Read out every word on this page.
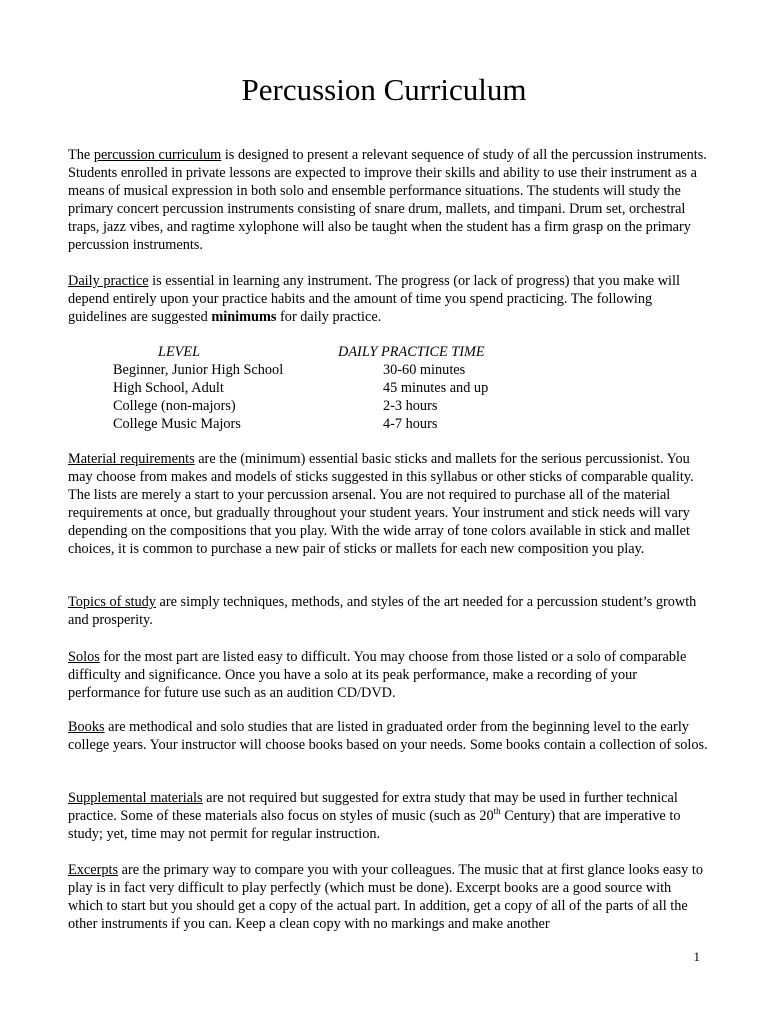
Percussion Curriculum

The percussion curriculum is designed to present a relevant sequence of study of all the percussion instruments. Students enrolled in private lessons are expected to improve their skills and ability to use their instrument as a means of musical expression in both solo and ensemble performance situations. The students will study the primary concert percussion instruments consisting of snare drum, mallets, and timpani. Drum set, orchestral traps, jazz vibes, and ragtime xylophone will also be taught when the student has a firm grasp on the primary percussion instruments.

Daily practice is essential in learning any instrument. The progress (or lack of progress) that you make will depend entirely upon your practice habits and the amount of time you spend practicing. The following guidelines are suggested minimums for daily practice.

LEVEL	DAILY PRACTICE TIME
Beginner, Junior High School	30-60 minutes
High School, Adult	45 minutes and up
College (non-majors)	2-3 hours
College Music Majors	4-7 hours

Material requirements are the (minimum) essential basic sticks and mallets for the serious percussionist. You may choose from makes and models of sticks suggested in this syllabus or other sticks of comparable quality. The lists are merely a start to your percussion arsenal. You are not required to purchase all of the material requirements at once, but gradually throughout your student years. Your instrument and stick needs will vary depending on the compositions that you play. With the wide array of tone colors available in stick and mallet choices, it is common to purchase a new pair of sticks or mallets for each new composition you play.

Topics of study are simply techniques, methods, and styles of the art needed for a percussion student’s growth and prosperity.

Solos for the most part are listed easy to difficult. You may choose from those listed or a solo of comparable difficulty and significance. Once you have a solo at its peak performance, make a recording of your performance for future use such as an audition CD/DVD.

Books are methodical and solo studies that are listed in graduated order from the beginning level to the early college years. Your instructor will choose books based on your needs. Some books contain a collection of solos.

Supplemental materials are not required but suggested for extra study that may be used in further technical practice. Some of these materials also focus on styles of music (such as 20th Century) that are imperative to study; yet, time may not permit for regular instruction.

Excerpts are the primary way to compare you with your colleagues. The music that at first glance looks easy to play is in fact very difficult to play perfectly (which must be done). Excerpt books are a good source with which to start but you should get a copy of the actual part. In addition, get a copy of all of the parts of all the other instruments if you can. Keep a clean copy with no markings and make another

1
